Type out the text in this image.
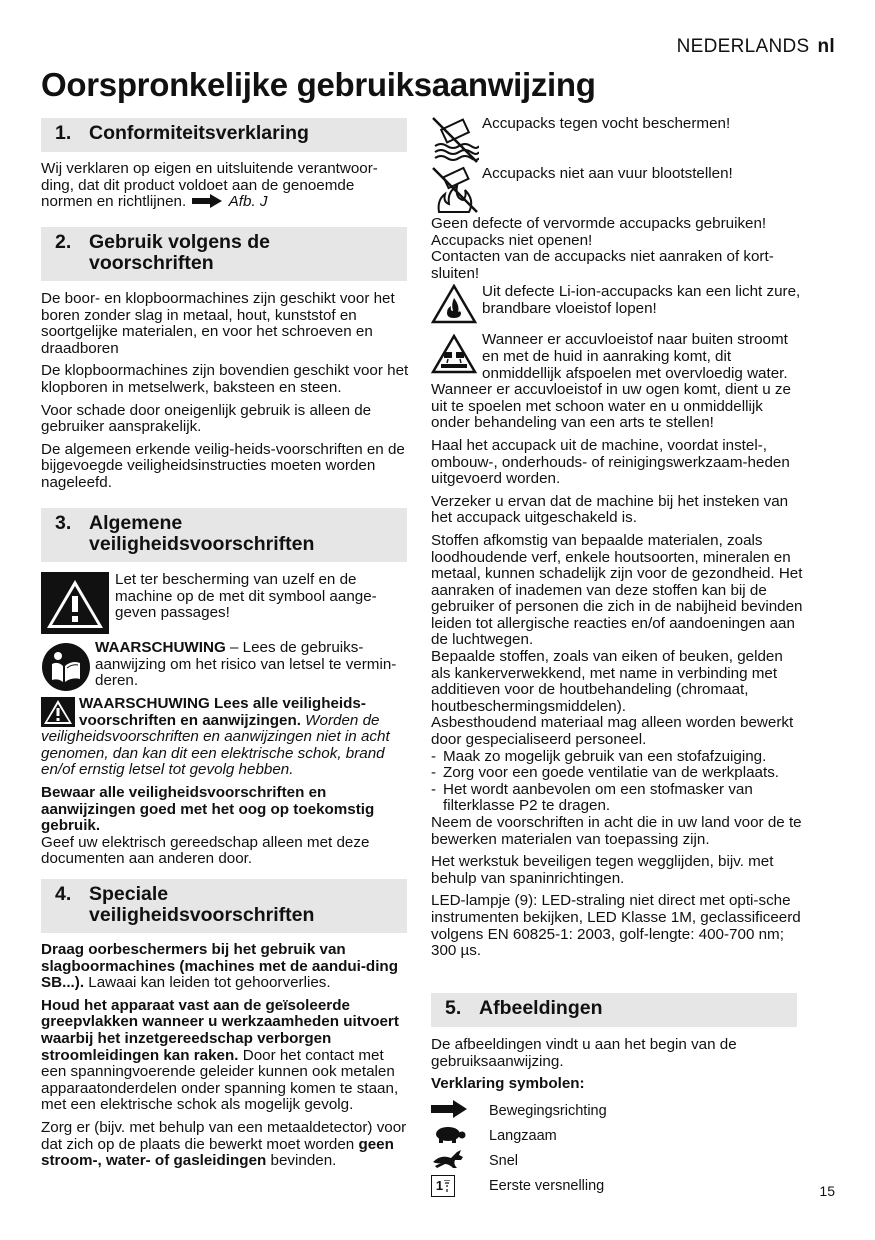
NEDERLANDS nl
Oorspronkelijke gebruiksaanwijzing
1. Conformiteitsverklaring
Wij verklaren op eigen en uitsluitende verantwoor-ding, dat dit product voldoet aan de genoemde normen en richtlijnen.	Afb. J
2. Gebruik volgens de voorschriften

De boor- en klopboormachines zijn geschikt voor het boren zonder slag in metaal, hout, kunststof en soortgelijke materialen, en voor het schroeven en draadboren

De klopboormachines zijn bovendien geschikt voor het klopboren in metselwerk, baksteen en steen.

Voor schade door oneigenlijk gebruik is alleen de gebruiker aansprakelijk.

De algemeen erkende veilig-heids-voorschriften en de bijgevoegde veiligheidsinstructies moeten worden nageleefd.

3. Algemene veiligheidsvoorschriften
Let ter bescherming van uzelf en de machine op de met dit symbool aange-geven passages!
WAARSCHUWING – Lees de gebruiks-aanwijzing om het risico van letsel te vermin-deren.
WAARSCHUWING Lees alle veiligheids-voorschriften en aanwijzingen. Worden de veiligheidsvoorschriften en aanwijzingen niet in acht genomen, dan kan dit een elektrische schok, brand en/of ernstig letsel tot gevolg hebben.
Bewaar alle veiligheidsvoorschriften en aanwijzingen goed met het oog op toekomstig gebruik.
Geef uw elektrisch gereedschap alleen met deze documenten aan anderen door.
4. Speciale veiligheidsvoorschriften

Draag oorbeschermers bij het gebruik van slagboormachines (machines met de aandui-ding SB...). Lawaai kan leiden tot gehoorverlies.

Houd het apparaat vast aan de geïsoleerde greepvlakken wanneer u werkzaamheden uitvoert waarbij het inzetgereedschap verborgen stroomleidingen kan raken. Door het contact met een spanningvoerende geleider kunnen ook metalen apparaatonderdelen onder spanning komen te staan, met een elektrische schok als mogelijk gevolg.

Zorg er (bijv. met behulp van een metaaldetector) voor dat zich op de plaats die bewerkt moet worden geen stroom-, water- of gasleidingen bevinden.

Accupacks tegen vocht beschermen!
Accupacks niet aan vuur blootstellen!
Geen defecte of vervormde accupacks gebruiken!
Accupacks niet openen!
Contacten van de accupacks niet aanraken of kort-sluiten!
Uit defecte Li-ion-accupacks kan een licht zure, brandbare vloeistof lopen!
Wanneer er accuvloeistof naar buiten stroomt en met de huid in aanraking komt, dit onmiddellijk afspoelen met overvloedig water. Wanneer er accuvloeistof in uw ogen komt, dient u ze uit te spoelen met schoon water en u onmiddellijk onder behandeling van een arts te stellen!

Haal het accupack uit de machine, voordat instel-, ombouw-, onderhouds- of reinigingswerkzaam-heden uitgevoerd worden.

Verzeker u ervan dat de machine bij het insteken van het accupack uitgeschakeld is.

Stoffen afkomstig van bepaalde materialen, zoals loodhoudende verf, enkele houtsoorten, mineralen en metaal, kunnen schadelijk zijn voor de gezondheid. Het aanraken of inademen van deze stoffen kan bij de gebruiker of personen die zich in de nabijheid bevinden leiden tot allergische reacties en/of aandoeningen aan de luchtwegen.
Bepaalde stoffen, zoals van eiken of beuken, gelden als kankerverwekkend, met name in verbinding met additieven voor de houtbehandeling (chromaat, houtbeschermingsmiddelen).
Asbesthoudend materiaal mag alleen worden bewerkt door gespecialiseerd personeel.
- Maak zo mogelijk gebruik van een stofafzuiging.
- Zorg voor een goede ventilatie van de werkplaats.
- Het wordt aanbevolen om een stofmasker van filterklasse P2 te dragen.

Neem de voorschriften in acht die in uw land voor de te bewerken materialen van toepassing zijn.

Het werkstuk beveiligen tegen wegglijden, bijv. met behulp van spaninrichtingen.

LED-lampje (9): LED-straling niet direct met opti-sche instrumenten bekijken, LED Klasse 1M, geclassificeerd volgens EN 60825-1: 2003, golf-lengte: 400-700 nm; 300 µs.

5. Afbeeldingen

De afbeeldingen vindt u aan het begin van de gebruiksaanwijzing.

Verklaring symbolen:
Bewegingsrichting
Langzaam
Snel
1	Eerste versnelling	15
